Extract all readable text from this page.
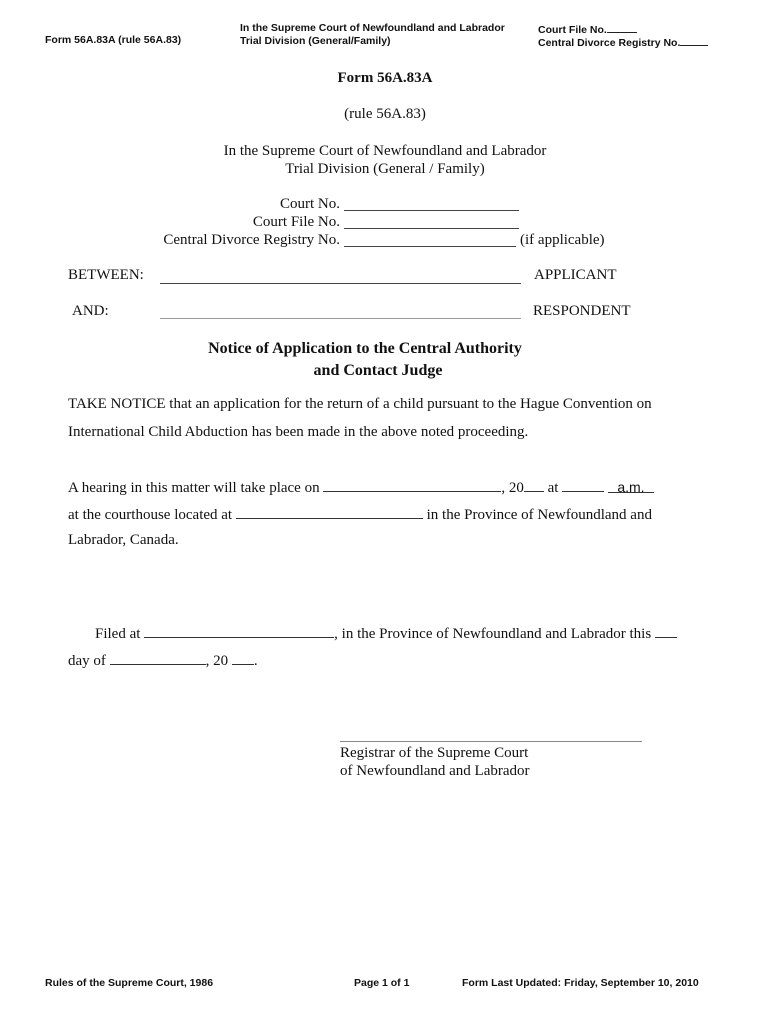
Form 56A.83A (rule 56A.83)
In the Supreme Court of Newfoundland and Labrador
Trial Division (General/Family)
Court File No.
Central Divorce Registry No.
Form 56A.83A
(rule 56A.83)
In the Supreme Court of Newfoundland and Labrador
Trial Division (General / Family)
Court No.
Court File No.
Central Divorce Registry No.	(if applicable)
BETWEEN:	APPLICANT
AND:	RESPONDENT
Notice of Application to the Central Authority
and Contact Judge
TAKE NOTICE that an application for the return of a child pursuant to the Hague Convention on
International Child Abduction has been made in the above noted proceeding.
A hearing in this matter will take place on	, 20 at	a.m.
at the courthouse located at	in the Province of Newfoundland and
Labrador, Canada.
Filed at	, in the Province of Newfoundland and Labrador this
day of	, 20 .
Registrar of the Supreme Court
of Newfoundland and Labrador
Rules of the Supreme Court, 1986	Page 1 of 1	Form Last Updated: Friday, September 10, 2010
